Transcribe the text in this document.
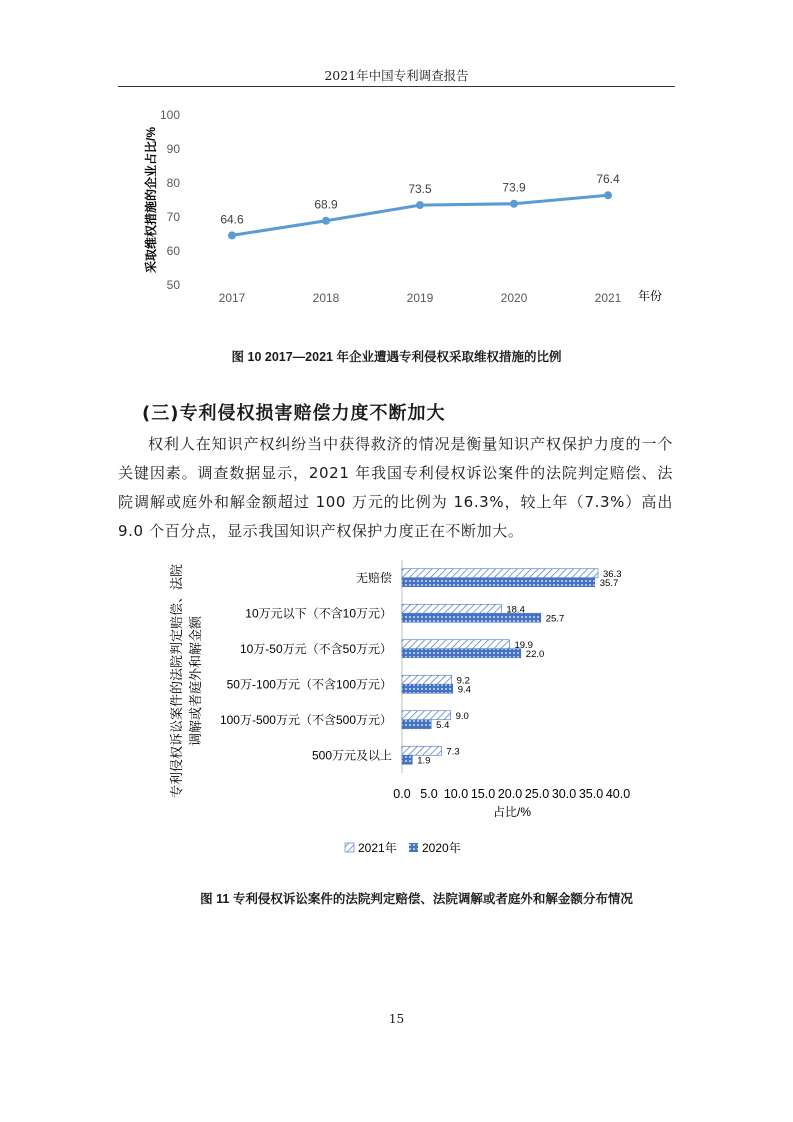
2021年中国专利调查报告
采取维权措施的企业占比/%
50
60
70
80
90
100
2017	2018	2019	2020	2021
64.6
68.9
73.5	73.9
76.4
年份
图 10 2017—2021 年企业遭遇专利侵权采取维权措施的比例
(三)专利侵权损害赔偿力度不断加大

权利人在知识产权纠纷当中获得救济的情况是衡量知识产权保护力度的一个关键因素。调查数据显示，2021 年我国专利侵权诉讼案件的法院判定赔偿、法院调解或庭外和解金额超过 100 万元的比例为 16.3%，较上年（7.3%）高出 9.0 个百分点，显示我国知识产权保护力度正在不断加大。

专利侵权诉讼案件的法院判定赔偿、法院 调解或者庭外和解金额
无赔偿
10万元以下（不含10万元）
10万-50万元（不含50万元）
50万-100万元（不含100万元）
100万-500万元（不含500万元）
500万元及以上
36.3
35.7
18.4
25.7
19.9
22.0
9.2
9.4
9.0
5.4
7.3
1.9
0.0 5.0 10.0 15.0 20.0 25.0 30.0 35.0 40.0
占比/%
2021年 2020年
图 11 专利侵权诉讼案件的法院判定赔偿、法院调解或者庭外和解金额分布情况
15
